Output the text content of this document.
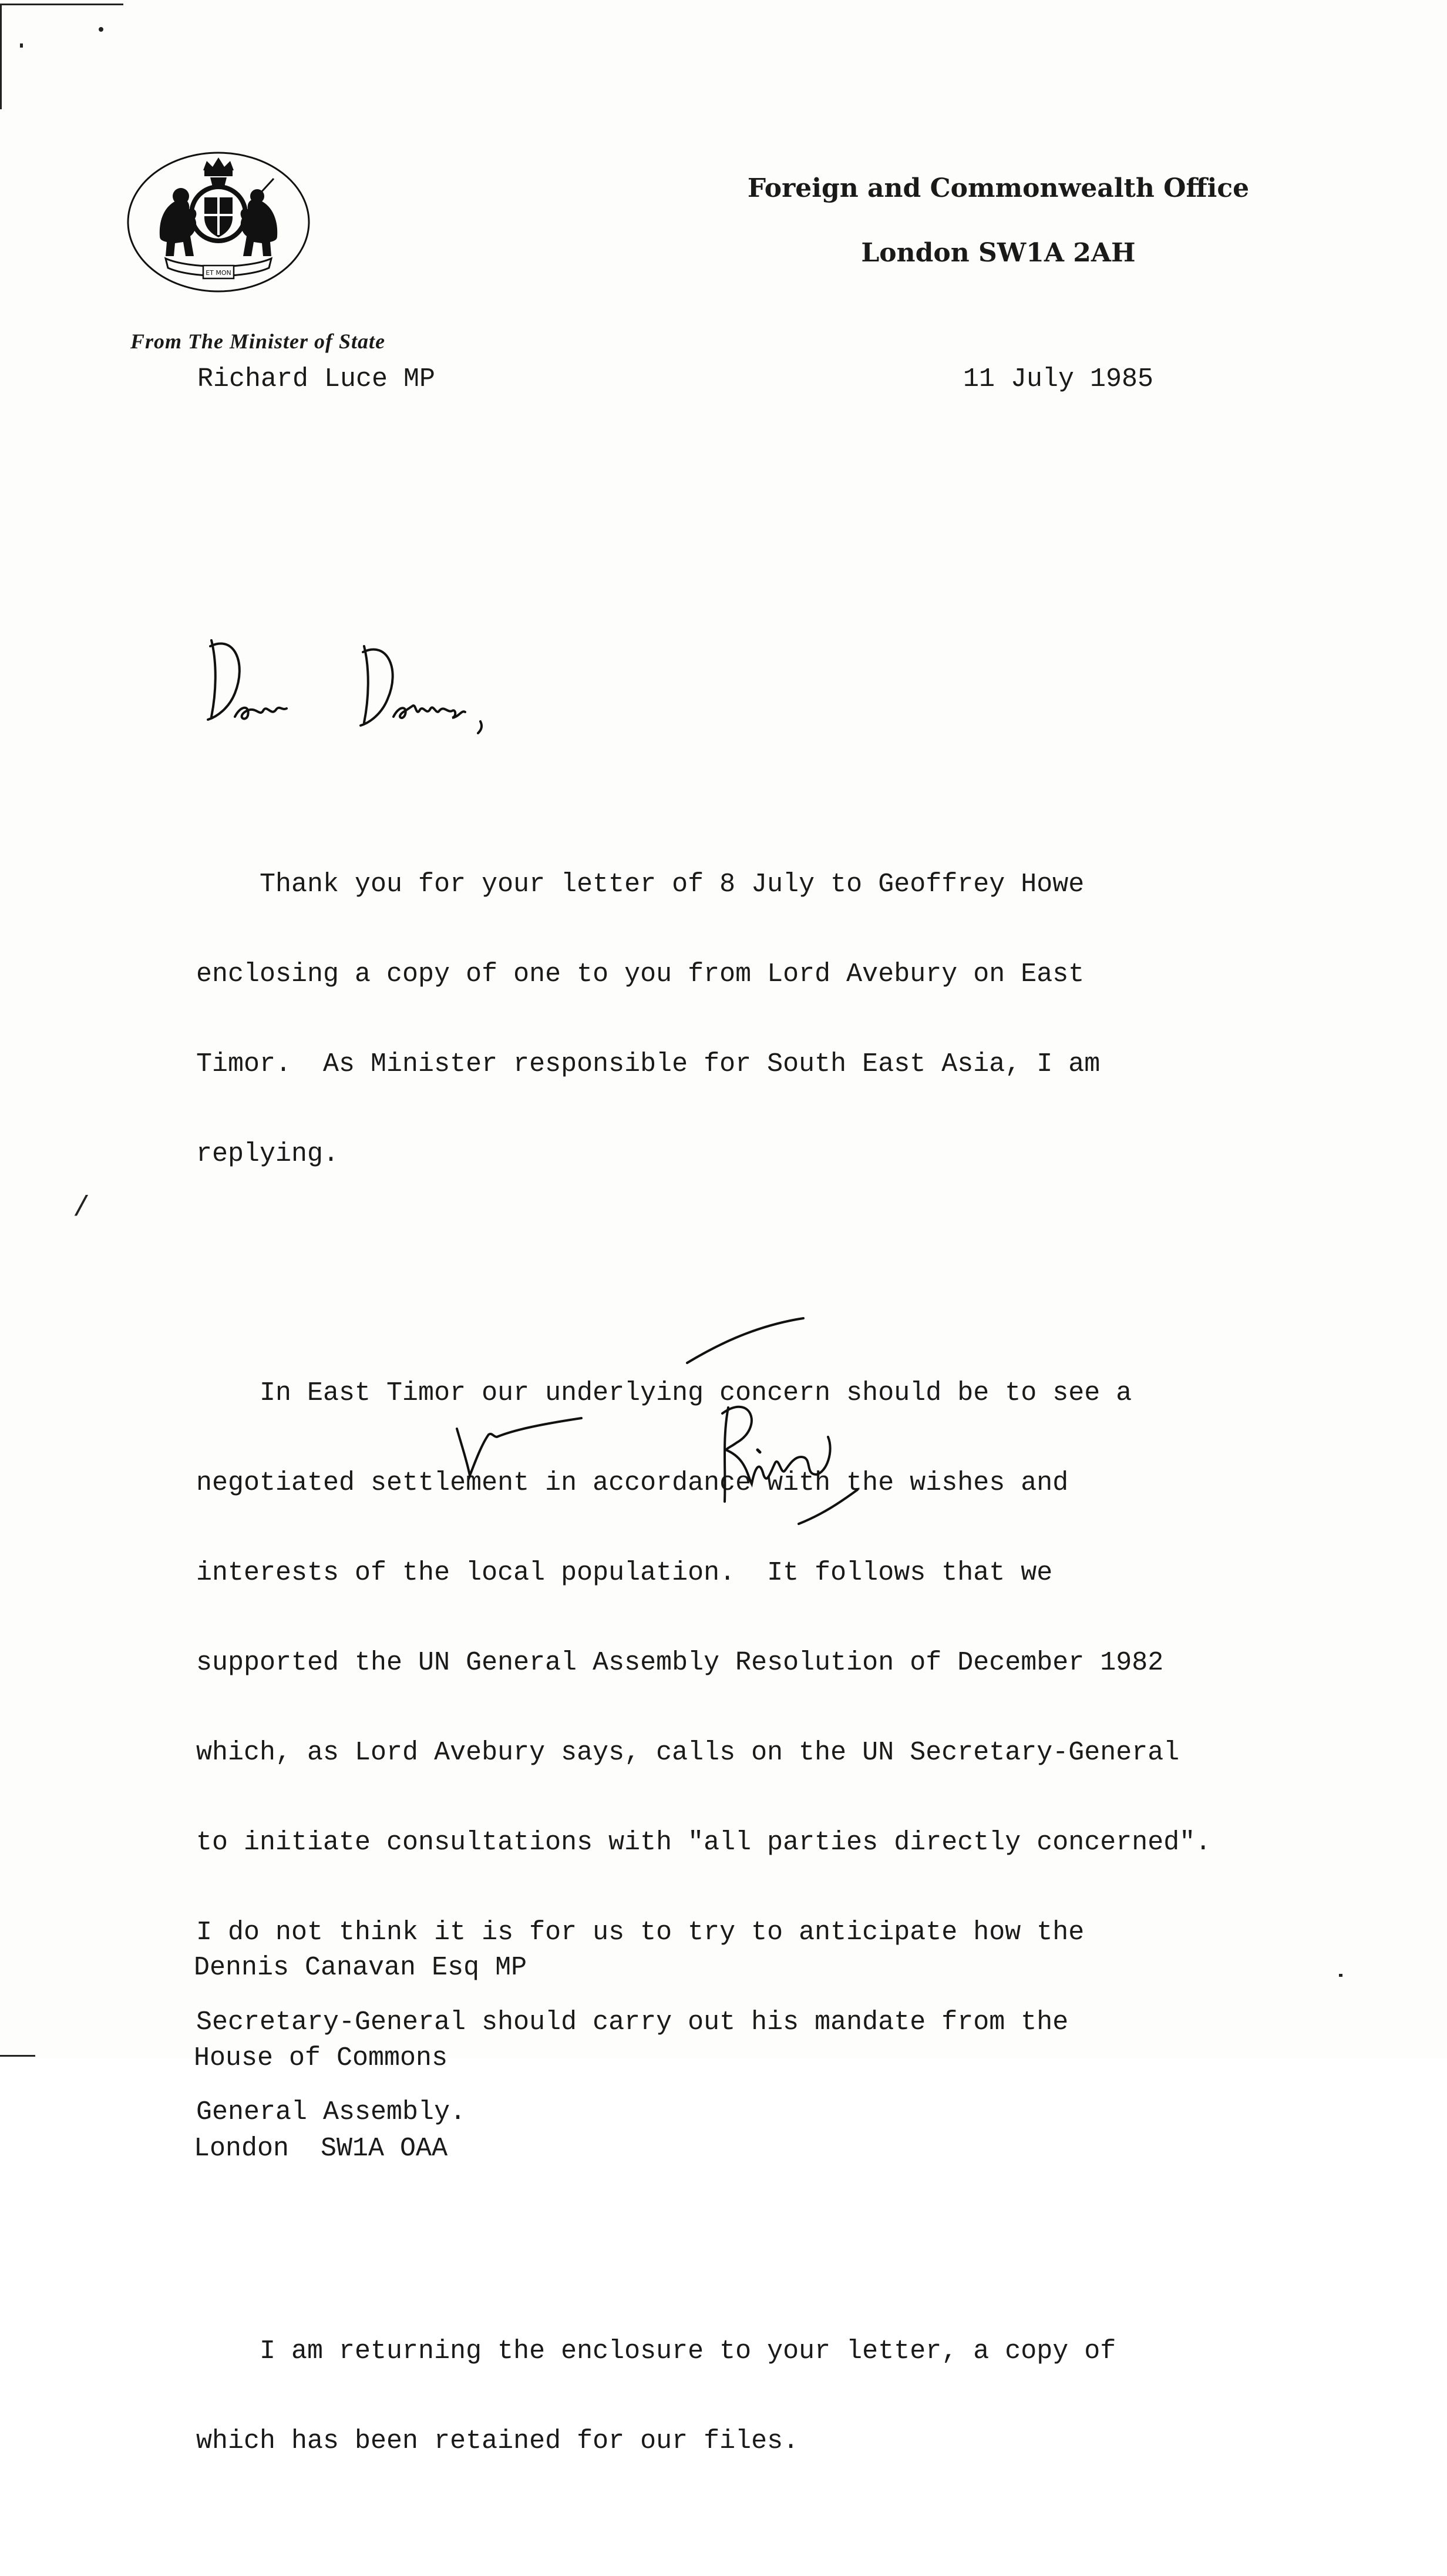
ET MON
Foreign and Commonwealth Office
London SW1A 2AH
From The Minister of State
Richard Luce MP	11 July 1985

Thank you for your letter of 8 July to Geoffrey Howe

enclosing a copy of one to you from Lord Avebury on East

Timor.  As Minister responsible for South East Asia, I am

replying.

In East Timor our underlying concern should be to see a

negotiated settlement in accordance with the wishes and

interests of the local population.  It follows that we

supported the UN General Assembly Resolution of December 1982

which, as Lord Avebury says, calls on the UN Secretary-General

to initiate consultations with "all parties directly concerned".

I do not think it is for us to try to anticipate how the

Secretary-General should carry out his mandate from the

General Assembly.

I am returning the enclosure to your letter, a copy of

which has been retained for our files.

/

Dennis Canavan Esq MP

House of Commons

London  SW1A OAA
